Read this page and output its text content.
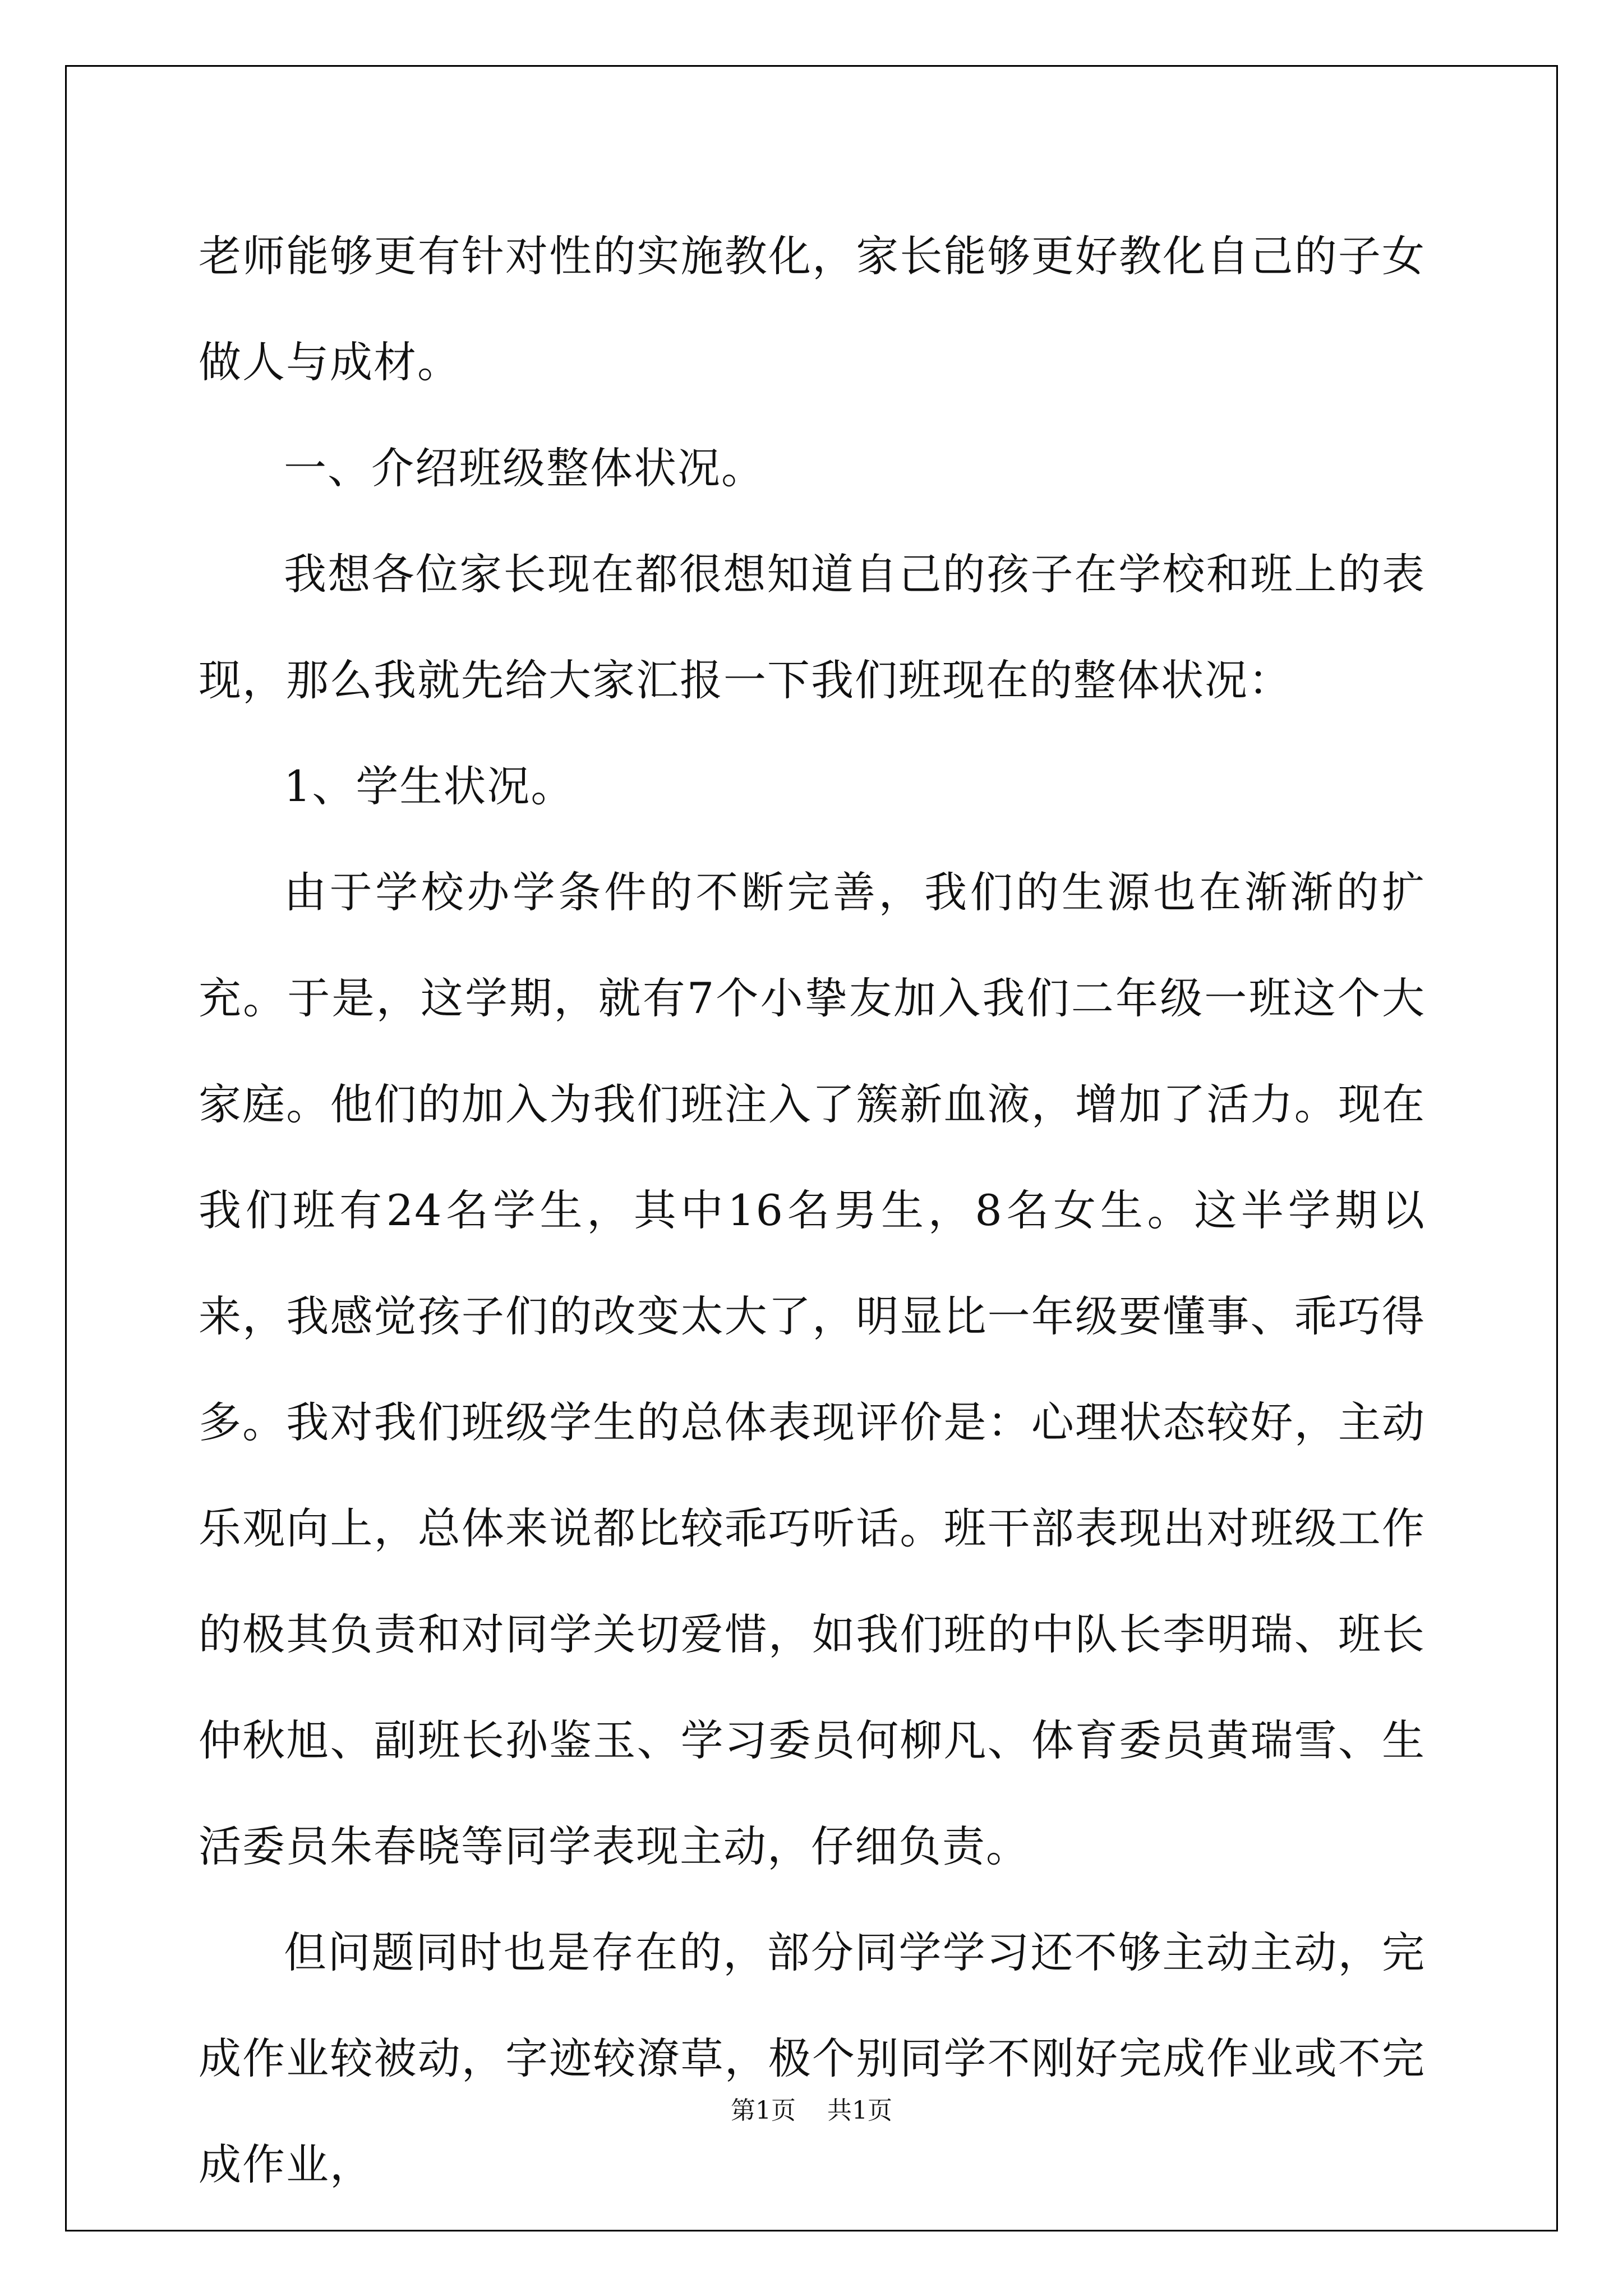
老师能够更有针对性的实施教化，家长能够更好教化自己的子女做人与成材。

一、介绍班级整体状况。

我想各位家长现在都很想知道自己的孩子在学校和班上的表现，那么我就先给大家汇报一下我们班现在的整体状况：

1、学生状况。

由于学校办学条件的不断完善，我们的生源也在渐渐的扩充。于是，这学期，就有7个小挚友加入我们二年级一班这个大家庭。他们的加入为我们班注入了簇新血液，增加了活力。现在我们班有24名学生，其中16名男生，8名女生。这半学期以来，我感觉孩子们的改变太大了，明显比一年级要懂事、乖巧得多。我对我们班级学生的总体表现评价是：心理状态较好，主动乐观向上，总体来说都比较乖巧听话。班干部表现出对班级工作的极其负责和对同学关切爱惜，如我们班的中队长李明瑞、班长仲秋旭、副班长孙鉴玉、学习委员何柳凡、体育委员黄瑞雪、生活委员朱春晓等同学表现主动，仔细负责。

但问题同时也是存在的，部分同学学习还不够主动主动，完成作业较被动，字迹较潦草，极个别同学不刚好完成作业或不完成作业，

第1页 共1页
